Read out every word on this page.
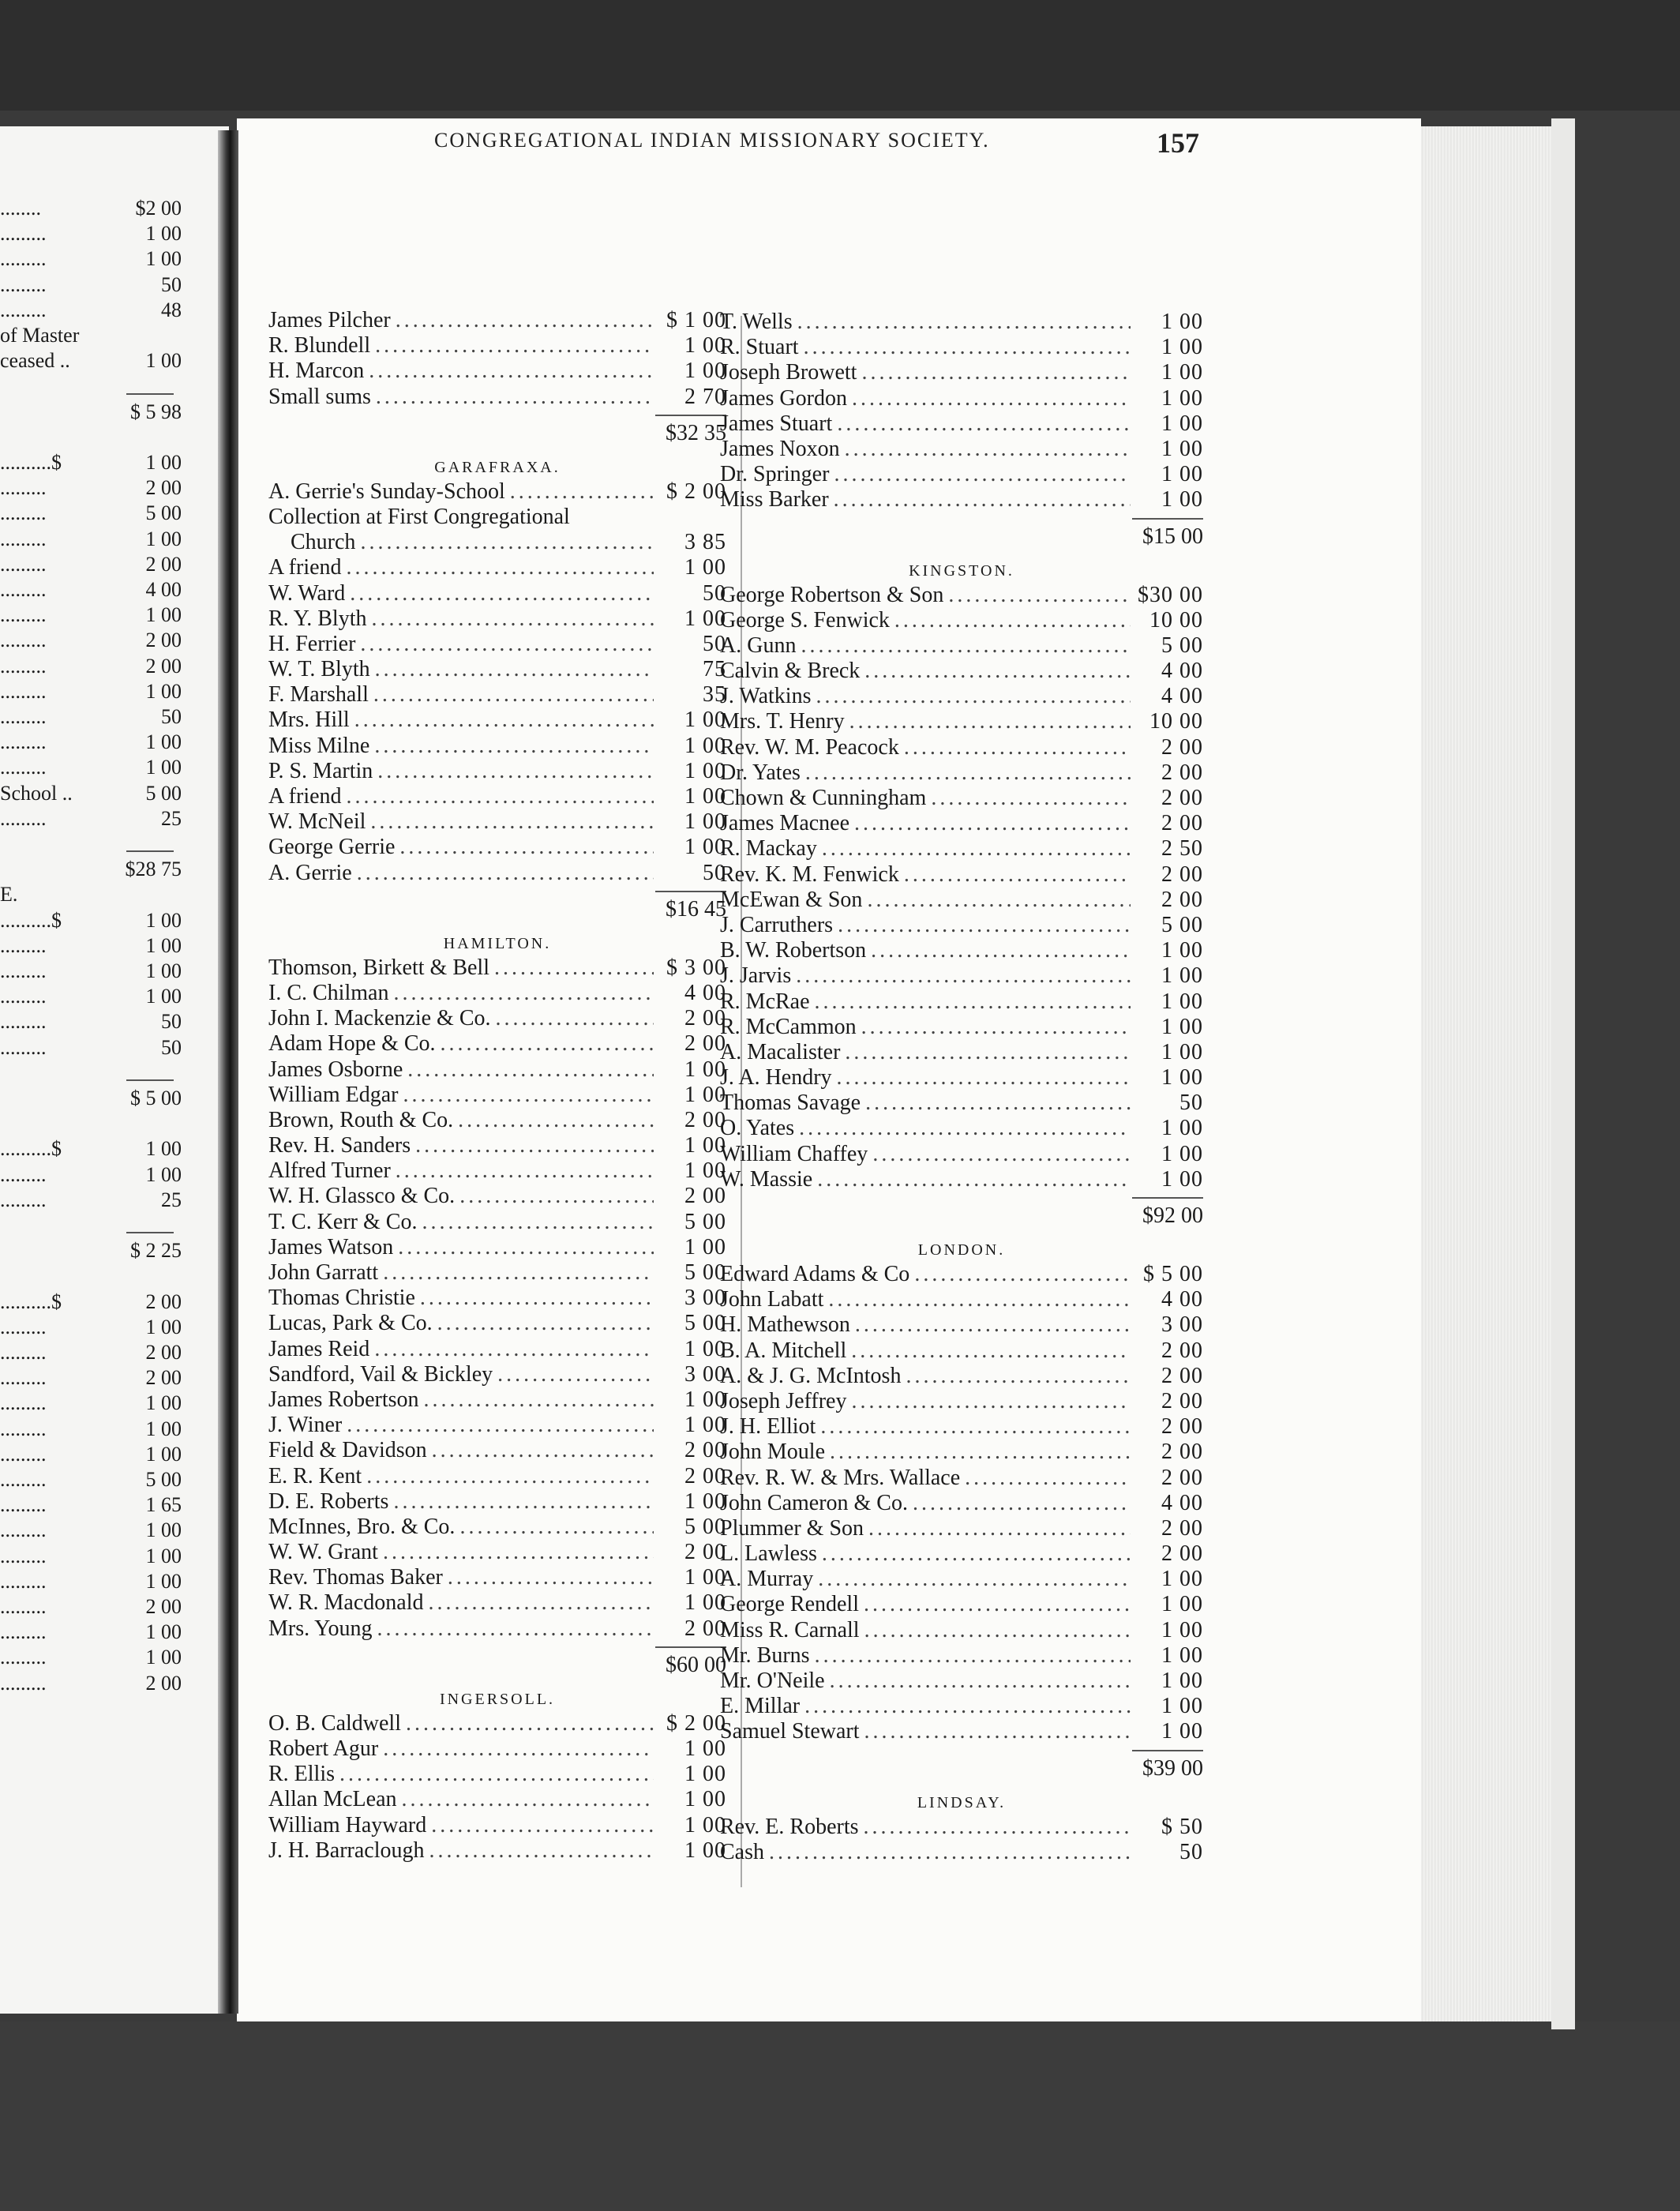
........	$2 00
.........	1 00
.........	1 00
.........	50
.........	48
of Master
ceased ..	1 00
$ 5 98
..........$	1 00
.........	2 00
.........	5 00
.........	1 00
.........	2 00
.........	4 00
.........	1 00
.........	2 00
.........	2 00
.........	1 00
.........	50
.........	1 00
.........	1 00
School ..	5 00
.........	25
$28 75
E.
..........$	1 00
.........	1 00
.........	1 00
.........	1 00
.........	50
.........	50
$ 5 00
..........$	1 00
.........	1 00
.........	25
$ 2 25
..........$	2 00
.........	1 00
.........	2 00
.........	2 00
.........	1 00
.........	1 00
.........	1 00
.........	5 00
.........	1 65
.........	1 00
.........	1 00
.........	1 00
.........	2 00
.........	1 00
.........	1 00
.........	2 00
CONGREGATIONAL INDIAN MISSIONARY SOCIETY.	157
James Pilcher .....	$ 1 00
R. Blundell .....	1 00
H. Marcon .....	1 00
Small sums .....	2 70
$32 35
GARAFRAXA.
A. Gerrie's Sunday-School .....	$ 2 00
Collection at First Congregational
Church .....	3 85
A friend .....	1 00
W. Ward .....	50
R. Y. Blyth .....	1 00
H. Ferrier .....	50
W. T. Blyth .....	75
F. Marshall .....	35
Mrs. Hill .....	1 00
Miss Milne .....	1 00
P. S. Martin .....	1 00
A friend .....	1 00
W. McNeil .....	1 00
George Gerrie .....	1 00
A. Gerrie .....	50
$16 45
HAMILTON.
Thomson, Birkett & Bell .....	$ 3 00
I. C. Chilman .....	4 00
John I. Mackenzie & Co. .....	2 00
Adam Hope & Co. .....	2 00
James Osborne .....	1 00
William Edgar .....	1 00
Brown, Routh & Co. .....	2 00
Rev. H. Sanders .....	1 00
Alfred Turner .....	1 00
W. H. Glassco & Co. .....	2 00
T. C. Kerr & Co. .....	5 00
James Watson .....	1 00
John Garratt .....	5 00
Thomas Christie .....	3 00
Lucas, Park & Co. .....	5 00
James Reid .....	1 00
Sandford, Vail & Bickley .....	3 00
James Robertson .....	1 00
J. Winer .....	1 00
Field & Davidson .....	2 00
E. R. Kent .....	2 00
D. E. Roberts .....	1 00
McInnes, Bro. & Co. .....	5 00
W. W. Grant .....	2 00
Rev. Thomas Baker .....	1 00
W. R. Macdonald .....	1 00
Mrs. Young .....	2 00
$60 00
INGERSOLL.
O. B. Caldwell .....	$ 2 00
Robert Agur .....	1 00
R. Ellis .....	1 00
Allan McLean .....	1 00
William Hayward .....	1 00
J. H. Barraclough .....	1 00
T. Wells .....	1 00
R. Stuart .....	1 00
Joseph Browett .....	1 00
James Gordon .....	1 00
James Stuart .....	1 00
James Noxon .....	1 00
Dr. Springer .....	1 00
Miss Barker .....	1 00
$15 00
KINGSTON.
George Robertson & Son .....	$30 00
George S. Fenwick .....	10 00
A. Gunn .....	5 00
Calvin & Breck .....	4 00
J. Watkins .....	4 00
Mrs. T. Henry .....	10 00
Rev. W. M. Peacock .....	2 00
Dr. Yates .....	2 00
Chown & Cunningham .....	2 00
James Macnee .....	2 00
R. Mackay .....	2 50
Rev. K. M. Fenwick .....	2 00
McEwan & Son .....	2 00
J. Carruthers .....	5 00
B. W. Robertson .....	1 00
J. Jarvis .....	1 00
R. McRae .....	1 00
R. McCammon .....	1 00
A. Macalister .....	1 00
J. A. Hendry .....	1 00
Thomas Savage .....	50
O. Yates .....	1 00
William Chaffey .....	1 00
W. Massie .....	1 00
$92 00
LONDON.
Edward Adams & Co .....	$ 5 00
John Labatt .....	4 00
H. Mathewson .....	3 00
B. A. Mitchell .....	2 00
A. & J. G. McIntosh .....	2 00
Joseph Jeffrey .....	2 00
J. H. Elliot .....	2 00
John Moule .....	2 00
Rev. R. W. & Mrs. Wallace .....	2 00
John Cameron & Co. .....	4 00
Plummer & Son .....	2 00
L. Lawless .....	2 00
A. Murray .....	1 00
George Rendell .....	1 00
Miss R. Carnall .....	1 00
Mr. Burns .....	1 00
Mr. O'Neile .....	1 00
E. Millar .....	1 00
Samuel Stewart .....	1 00
$39 00
LINDSAY.
Rev. E. Roberts .....	$ 50
Cash .....	50
